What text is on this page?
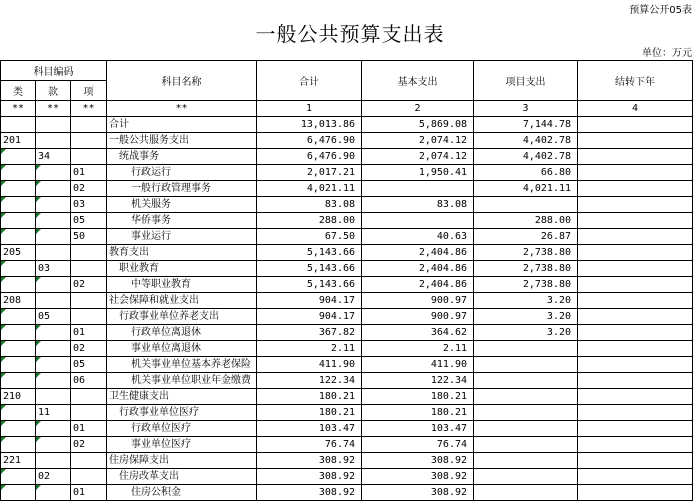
预算公开05表
一般公共预算支出表
单位：万元
科目编码			科目名称	合计	基本支出	项目支出	结转下年
类	款	项					
**	**	**	**	1	2	3	4
			合计	13,013.86	5,869.08	7,144.78	
201			一般公共服务支出	6,476.90	2,074.12	4,402.78	
	34		统战事务	6,476.90	2,074.12	4,402.78	
		01	行政运行	2,017.21	1,950.41	66.80	
		02	一般行政管理事务	4,021.11		4,021.11	
		03	机关服务	83.08	83.08		
		05	华侨事务	288.00		288.00	
		50	事业运行	67.50	40.63	26.87	
205			教育支出	5,143.66	2,404.86	2,738.80	
	03		职业教育	5,143.66	2,404.86	2,738.80	
		02	中等职业教育	5,143.66	2,404.86	2,738.80	
208			社会保障和就业支出	904.17	900.97	3.20	
	05		行政事业单位养老支出	904.17	900.97	3.20	
		01	行政单位离退休	367.82	364.62	3.20	
		02	事业单位离退休	2.11	2.11		
		05	机关事业单位基本养老保险	411.90	411.90		
		06	机关事业单位职业年金缴费	122.34	122.34		
210			卫生健康支出	180.21	180.21		
	11		行政事业单位医疗	180.21	180.21		
		01	行政单位医疗	103.47	103.47		
		02	事业单位医疗	76.74	76.74		
221			住房保障支出	308.92	308.92		
	02		住房改革支出	308.92	308.92		
		01	住房公积金	308.92	308.92		
